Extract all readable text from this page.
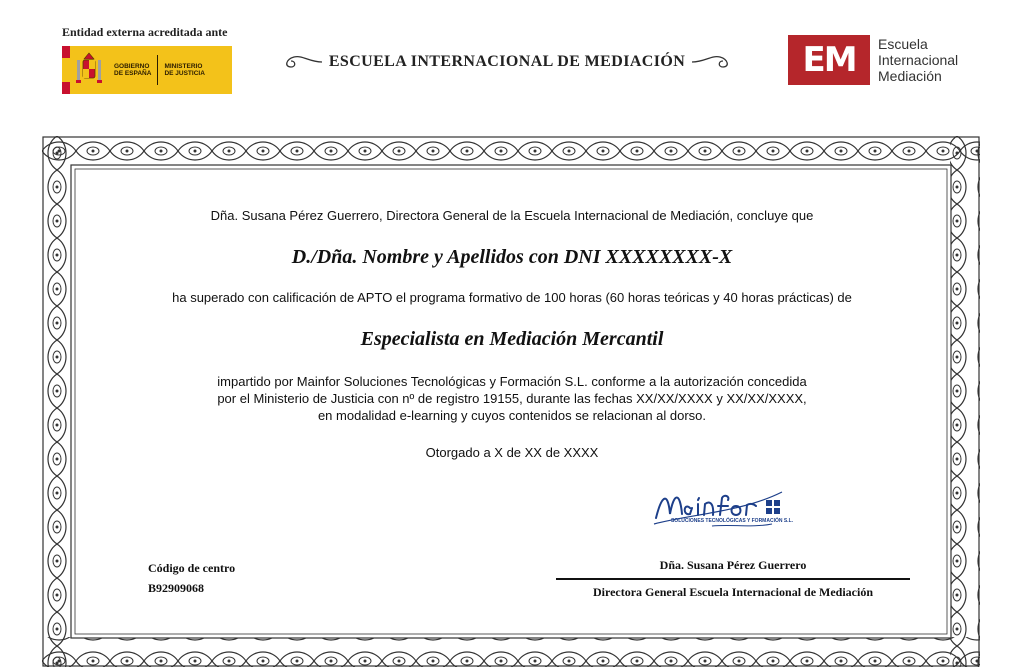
Entidad externa acreditada ante
GOBIERNO
DE ESPAÑA
MINISTERIO
DE JUSTICIA
ESCUELA INTERNACIONAL DE MEDIACIÓN	EM	Escuela
Internacional
Mediación
Dña. Susana Pérez Guerrero, Directora General de la Escuela Internacional de Mediación, concluye que
D./Dña. Nombre y Apellidos con DNI XXXXXXXX-X
ha superado con calificación de APTO el programa formativo de 100 horas (60 horas teóricas y 40 horas prácticas) de
Especialista en Mediación Mercantil
impartido por Mainfor Soluciones Tecnológicas y Formación S.L. conforme a la autorización concedida
por el Ministerio de Justicia con nº de registro 19155, durante las fechas XX/XX/XXXX y XX/XX/XXXX,
en modalidad e-learning y cuyos contenidos se relacionan al dorso.
Otorgado a X de XX de XXXX
SOLUCIONES TECNOLÓGICAS Y FORMACIÓN S.L.
Código de centro
B92909068
Dña. Susana Pérez Guerrero
Directora General Escuela Internacional de Mediación
